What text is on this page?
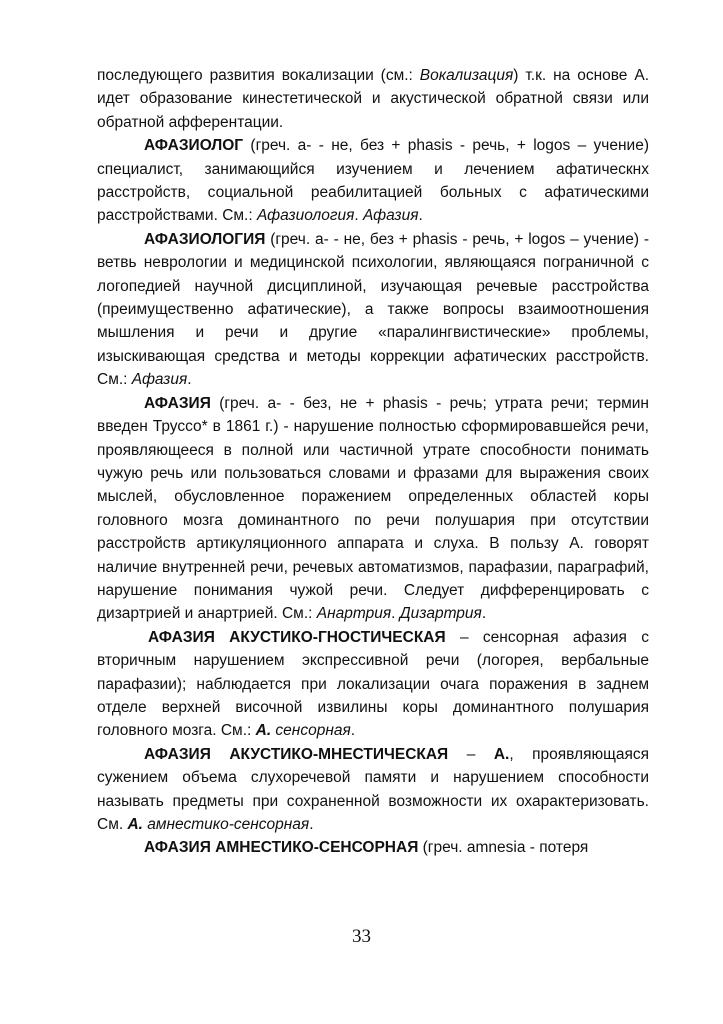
последующего развития вокализации (см.: Вокализация) т.к. на основе А. идет образование кинестетической и акустической обратной связи или обратной афферентации.

АФАЗИОЛОГ (греч. а- - не, без + phasis - речь, + logos – учение) специалист, занимающийся изучением и лечением афатическнх расстройств, социальной реабилитацией больных с афатическими расстройствами. См.: Афазиология. Афазия.

АФАЗИОЛОГИЯ (греч. а- - не, без + phasis - речь, + logos – учение) - ветвь неврологии и медицинской психологии, являющаяся пограничной с логопедией научной дисциплиной, изучающая речевые расстройства (преимущественно афатические), а также вопросы взаимоотношения мышления и речи и другие «паралингвистические» проблемы, изыскивающая средства и методы коррекции афатических расстройств. См.: Афазия.

АФАЗИЯ (греч. а- - без, не + phasis - речь; утрата речи; термин введен Труссо* в 1861 г.) - нарушение полностью сформировавшейся речи, проявляющееся в полной или частичной утрате способности понимать чужую речь или пользоваться словами и фразами для выражения своих мыслей, обусловленное поражением определенных областей коры головного мозга доминантного по речи полушария при отсутствии расстройств артикуляционного аппарата и слуха. В пользу А. говорят наличие внутренней речи, речевых автоматизмов, парафазии, параграфий, нарушение понимания чужой речи. Следует дифференцировать с дизартрией и анартрией. См.: Анартрия. Дизартрия.

АФАЗИЯ АКУСТИКО-ГНОСТИЧЕСКАЯ – сенсорная афазия с вторичным нарушением экспрессивной речи (логорея, вербальные парафазии); наблюдается при локализации очага поражения в заднем отделе верхней височной извилины коры доминантного полушария головного мозга. См.: А. сенсорная.

АФАЗИЯ АКУСТИКО-МНЕСТИЧЕСКАЯ – А., проявляющаяся сужением объема слухоречевой памяти и нарушением способности называть предметы при сохраненной возможности их охарактеризовать. См. А. амнестико-сенсорная.

АФАЗИЯ АМНЕСТИКО-СЕНСОРНАЯ (греч. amnesia - потеря

33
